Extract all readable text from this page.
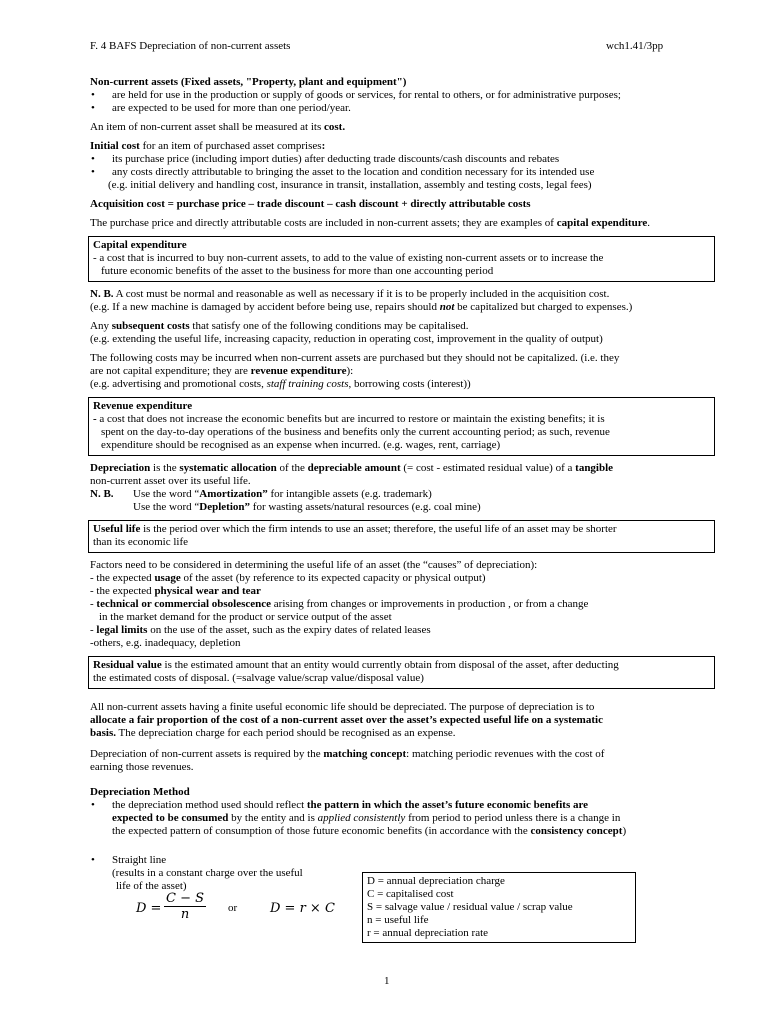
F. 4 BAFS Depreciation of non-current assets	wch1.41/3pp
Non-current assets (Fixed assets, "Property, plant and equipment")
• are held for use in the production or supply of goods or services, for rental to others, or for administrative purposes;
• are expected to be used for more than one period/year.
An item of non-current asset shall be measured at its cost.
Initial cost for an item of purchased asset comprises:
• its purchase price (including import duties) after deducting trade discounts/cash discounts and rebates
• any costs directly attributable to bringing the asset to the location and condition necessary for its intended use
(e.g. initial delivery and handling cost, insurance in transit, installation, assembly and testing costs, legal fees)
Acquisition cost = purchase price – trade discount – cash discount + directly attributable costs
The purchase price and directly attributable costs are included in non-current assets; they are examples of capital expenditure.
Capital expenditure
- a cost that is incurred to buy non-current assets, to add to the value of existing non-current assets or to increase the
future economic benefits of the asset to the business for more than one accounting period
N. B. A cost must be normal and reasonable as well as necessary if it is to be properly included in the acquisition cost.
(e.g. If a new machine is damaged by accident before being use, repairs should not be capitalized but charged to expenses.)
Any subsequent costs that satisfy one of the following conditions may be capitalised.
(e.g. extending the useful life, increasing capacity, reduction in operating cost, improvement in the quality of output)
The following costs may be incurred when non-current assets are purchased but they should not be capitalized. (i.e. they
are not capital expenditure; they are revenue expenditure):
(e.g. advertising and promotional costs, staff training costs, borrowing costs (interest))
Revenue expenditure
- a cost that does not increase the economic benefits but are incurred to restore or maintain the existing benefits; it is
spent on the day-to-day operations of the business and benefits only the current accounting period; as such, revenue
expenditure should be recognised as an expense when incurred. (e.g. wages, rent, carriage)
Depreciation is the systematic allocation of the depreciable amount (= cost - estimated residual value) of a tangible
non-current asset over its useful life.
N. B.	Use the word “Amortization” for intangible assets (e.g. trademark)
Use the word “Depletion” for wasting assets/natural resources (e.g. coal mine)
Useful life is the period over which the firm intends to use an asset; therefore, the useful life of an asset may be shorter
than its economic life
Factors need to be considered in determining the useful life of an asset (the “causes” of depreciation):
- the expected usage of the asset (by reference to its expected capacity or physical output)
- the expected physical wear and tear
- technical or commercial obsolescence arising from changes or improvements in production , or from a change
in the market demand for the product or service output of the asset
- legal limits on the use of the asset, such as the expiry dates of related leases
-others, e.g. inadequacy, depletion
Residual value is the estimated amount that an entity would currently obtain from disposal of the asset, after deducting
the estimated costs of disposal. (=salvage value/scrap value/disposal value)
All non-current assets having a finite useful economic life should be depreciated. The purpose of depreciation is to
allocate a fair proportion of the cost of a non-current asset over the asset’s expected useful life on a systematic
basis. The depreciation charge for each period should be recognised as an expense.
Depreciation of non-current assets is required by the matching concept: matching periodic revenues with the cost of
earning those revenues.
Depreciation Method
• the depreciation method used should reflect the pattern in which the asset’s future economic benefits are
expected to be consumed by the entity and is applied consistently from period to period unless there is a change in
the expected pattern of consumption of those future economic benefits (in accordance with the consistency concept)
•	Straight line
(results in a constant charge over the useful
life of the asset)
$D = \frac{C - S}{n}$ or	D = r × C
D = annual depreciation charge
C = capitalised cost
S = salvage value / residual value / scrap value
n = useful life
r = annual depreciation rate
1
